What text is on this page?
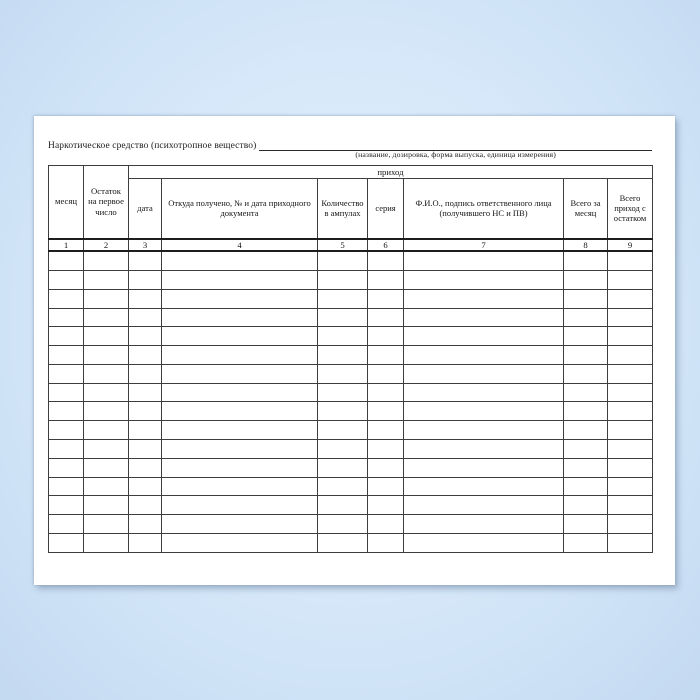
Наркотическое средство (психотропное вещество)
(название, дозировка, форма выпуска, единица измерения)
месяц	Остаток на первое число	приход						
		дата	Откуда получено, № и дата приходного документа	Количество в ампулах	серия	Ф.И.О., подпись ответственного лица (получившего НС и ПВ)	Всего за месяц	Всего приход с остатком
1	2	3	4	5	6	7	8	9
